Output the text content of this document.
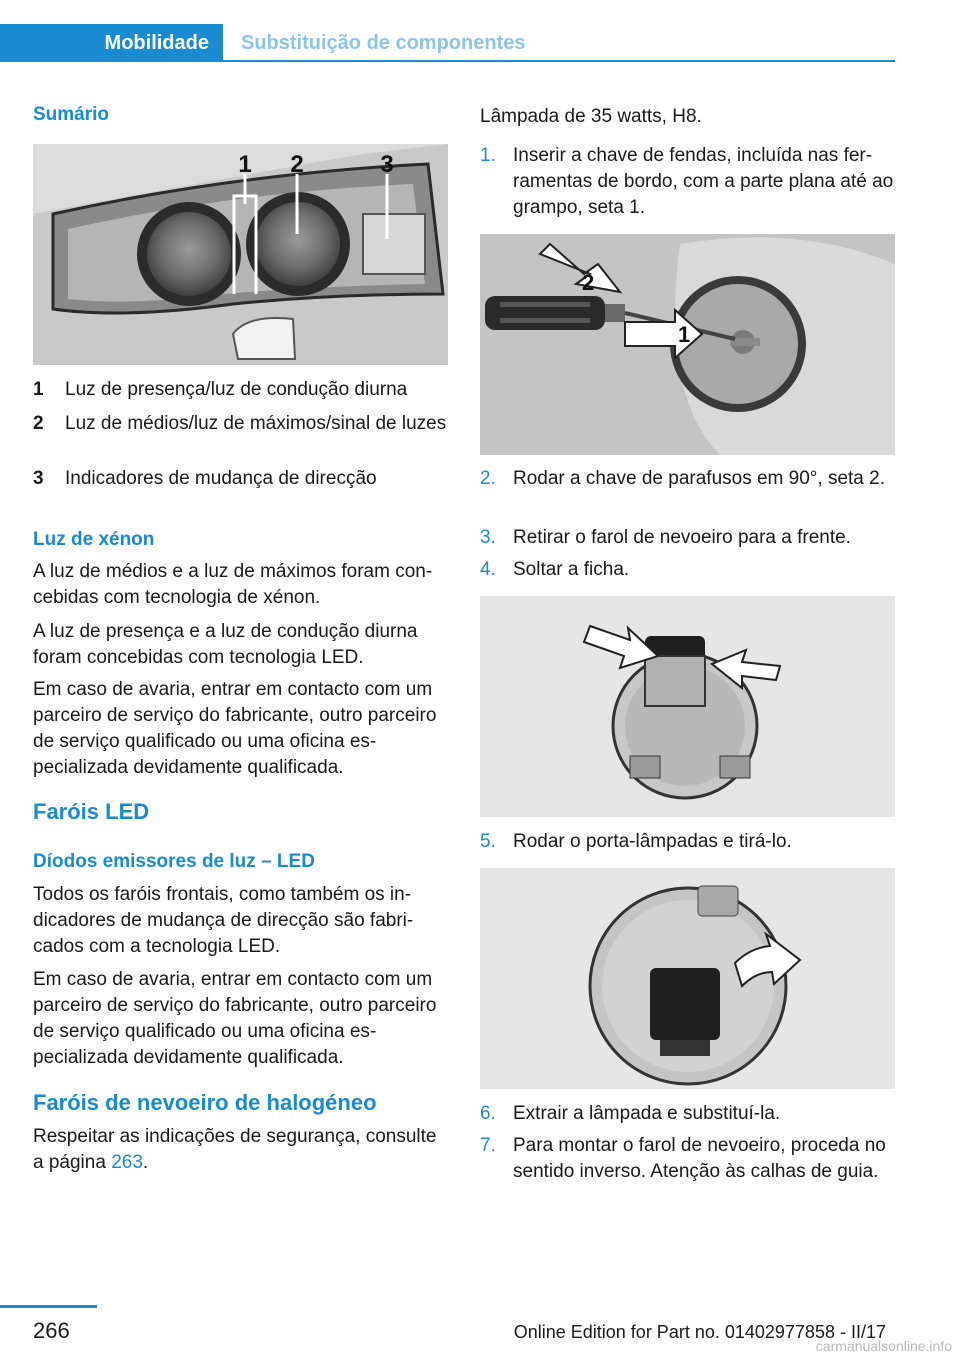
Mobilidade	Substituição de componentes
Sumário
1 2	3
1	Luz de presença/luz de condução diurna
2	Luz de médios/luz de máximos/sinal de luzes
3	Indicadores de mudança de direcção
Luz de xénon
A luz de médios e a luz de máximos foram concebidas com tecnologia de xénon.
A luz de presença e a luz de condução diurna foram concebidas com tecnologia LED.
Em caso de avaria, entrar em contacto com um parceiro de serviço do fabricante, outro parceiro de serviço qualificado ou uma oficina especializada devidamente qualificada.
Faróis LED
Díodos emissores de luz – LED
Todos os faróis frontais, como também os indicadores de mudança de direcção são fabricados com a tecnologia LED.
Em caso de avaria, entrar em contacto com um parceiro de serviço do fabricante, outro parceiro de serviço qualificado ou uma oficina especializada devidamente qualificada.
Faróis de nevoeiro de halogéneo
Respeitar as indicações de segurança, consulte a página 263.
Lâmpada de 35 watts, H8.
1. Inserir a chave de fendas, incluída nas ferramentas de bordo, com a parte plana até ao grampo, seta 1.
2
1
2. Rodar a chave de parafusos em 90°, seta 2.
3. Retirar o farol de nevoeiro para a frente.
4. Soltar a ficha.
5. Rodar o porta-lâmpadas e tirá-lo.
6. Extrair a lâmpada e substituí-la.
7. Para montar o farol de nevoeiro, proceda no sentido inverso. Atenção às calhas de guia.
266	Online Edition for Part no. 01402977858 - II/17
carmanualsonline.info
